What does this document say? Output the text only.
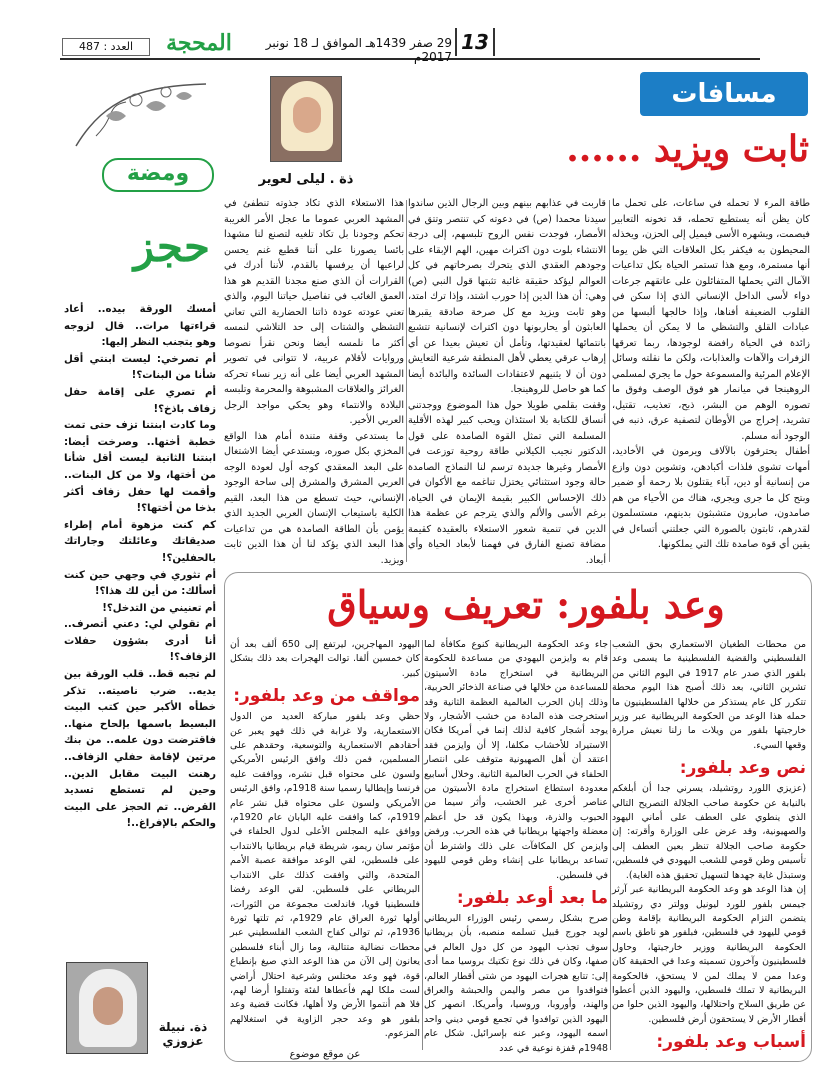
العدد : 487	المحجة	29 صفر 1439هـ الموافق لـ 18 نونبر 2017م
13
مسافات
ثابت ويزيد ......
ذة . ليلى لعوير

طاقة المرء لا تحمله في ساعات، على تحمل ما كان يظن أنه يستطيع تحمله، قد تخونه التعابير فيصمت، ويشهره الأسى فيميل إلى الحزن، ويخذله المحيطون به فيكفر بكل العلاقات التي ظن يوما أنها مستمرة، ومع هذا تستمر الحياة بكل تداعيات الآمال التي يحملها المتفائلون على عاتقهم جرعات دواء لأسى الداخل الإنساني الذي إذا سكن في القلوب الضعيفة أفناها، وإذا خالجها ألبسها من عبادات القلق والتشظي ما لا يمكن أن يحملها زائدة في الحياة رافضة لوجودها، ربما تعرقها الزفرات والآهات والعذابات، ولكن ما نقلته وسائل الإعلام المرئية والمسموعة حول ما يجري لمسلمي الروهينجا في ميانمار هو فوق الوصف وفوق ما تصوره الوهم من البشر، ذبح، تعذيب، تقتيل، تشريد، إخراج من الأوطان لتصفية عرق، ذنبه في الوجود أنه مسلم.

أطفال يحترقون بالآلاف ويرمون في الأخاديد، أمهات تشوى فلذات أكبادهن، وتشوين دون وازع من إنسانية أو دين، آباء يقتلون بلا رحمة أو ضمير وبتح كل ما جرى ويجري، هناك من الأحياء من هم صامدون، صابرون متشبثون بدينهم، مستسلمون لقدرهم، ثابتون بالصورة التي جعلتني أتساءل في يقين أي قوة صامدة تلك التي يملكونها.

قاربت في عذابهم بينهم وبين الرجال الذين ساندوا سيدنا محمدا (ص) في دعوته كي تنتصر وتتق في الأمصار، فوجدت نفس الروح تلبسهم، إلى درجة الانتشاء بلوت دون اكتراث مهين، الهم الإبقاء على وجودهم العقدي الذي يتحرك بصرخاتهم في كل العوالم ليؤكد حقيقة غائبة تثبتها قول النبي (ص) وهي: أن هذا الدين إذا حورب اشتد، وإذا ترك امتد، وهو ثابت ويزيد مع كل صرخة صادقة يقبرها العابثون أو يحاربونها دون اكتراث لإنسانية تتشبع بانتمائها لعقيدتها، وتأمل أن تعيش بعيدا عن أي إرهاب عرقي يعطي لأهل المنطقة شرعية التعايش دون أن لا يثنيهم لاعتقادات السائدة والبائدة أيضا كما هو حاصل للروهينجا.

وقفت بقلمي طويلا حول هذا الموضوع ووجدتني أنساق للكتابة بلا استئذان ويحب كبير لهذه الأقلية المسلمة التي تمثل القوة الصامدة على قول الدكتور نجيب الكيلاني طاقة روحية توزعت في الأمصار وغيرها جديدة ترسم لنا النماذج الصامدة حالة وجود استثنائي يختزل تناغمه مع الأكوان في ذلك الإحساس الكبير بقيمة الإيمان في الحياة، برغم الأسى والألم والذي يترجم عن عظمة هذا الدين في تنمية شعور الاستعلاء بالعقيدة كقيمة مضافة تصنع الفارق في فهمنا لأبعاد الحياة وأي أبعاد.

هذا الاستعلاء الذي تكاد جذوته تنطفئ في المشهد العربي عموما ما عجل الأمر الغريبة تحكم وجودنا بل تكاد تلغيه لتصنع لنا مشهدا بائسا يصورنا على أننا قطيع غنم يحسن لراعيها أن يرفسها بالقدم، لأننا أدرك في القرارات أن الذي صنع مجدنا القديم هو هذا العمق الغائب في تفاصيل حياتنا اليوم، والذي تعني عودته عودة ذاتنا الحضارية التي تعاني التشظي والشتات إلى حد التلاشي لنمسه أكثر ما نلمسه أيضا ونحن نقرأ نصوصا وروايات لأقلام عربية، لا تتوانى في تصوير المشهد العربي أيضا على أنه زير نساء تحركه الغرائز والعلاقات المشبوهة والمحرمة وتلبسه البلادة والانتماء وهو يحكي مواجد الرجل العربي الأخير.

ما يستدعي وقفة متندة أمام هذا الواقع المخزي بكل صوره، ويستدعي أيضا الاشتغال على البعد المعقدي كوجه أول لعودة الوجه العربي المشرق والمشرق إلى ساحة الوجود الإنساني، حيث تسطع من هذا البعد، القيم الكلية باستيعاب الإنسان العربي الجديد الذي يؤمن بأن الطاقة الصامدة هي من تداعيات هذا البعد الذي يؤكد لنا أن هذا الدين ثابت ويزيد.

ومضة
حجز

أمسك الورقة بيده.. أعاد قراءتها مرات.. قال لزوجه وهو يتجنب النظر إليها:

أم تصرخي: ليست ابنتي أقل شأنا من البنات؟!

أم تصري على إقامة حفل زفاف باذخ؟!

وما كادت ابنتنا تزف حتى تمت خطبة أختها.. وصرخت أيضا: ابنتنا الثانية ليست أقل شأنا من أختها، ولا من كل البنات.. وأقمت لها حفل زفاف أكثر بذخا من أختها؟!

كم كنت مزهوة أمام إطراء صديقاتك وعائلتك وجاراتك بالحفلين؟!

أم تثوري في وجهي حين كنت أسألك: من أين لك هذا؟!

أم تعنيني من التدخل؟!

أم تقولي لي: دعني أتصرف.. أنا أدرى بشؤون حفلات الزفاف؟!

لم تجبه قط.. قلب الورقة بين يديه.. ضرب ناصيته.. تذكر خطأه الأكبر حين كتب البيت البسيط باسمها بإلحاح منها.. فاقترضت دون علمه.. من بنك مرتين لإقامة حفلي الزفاف.. رهنت البيت مقابل الدين.. وحين لم تستطع تسديد القرض.. تم الحجز على البيت والحكم بالإفراغ..!

ذة. نبيلة عزوزي
وعد بلفور: تعريف وسياق

من محطات الطغيان الاستعماري بحق الشعب الفلسطيني والقضية الفلسطينية ما يسمى وعد بلفور الذي صدر عام 1917 في اليوم الثاني من تشرين الثاني، بعد ذلك أصبح هذا اليوم محطة تتكرر كل عام يستذكر من خلالها الفلسطينيون ما حمله هذا الوعد من الحكومة البريطانية عبر وزير خارجيتها بلفور من ويلات ما زلنا نعيش مرارة وقعها السيء.

نص وعد بلفور:

(عزيزي اللورد روتشيلد، يسرني جدا أن أبلغكم بالنيابة عن حكومة صاحب الجلالة التصريح التالي الذي ينطوي على العطف على أماني اليهود والصهيونية، وقد عرض على الوزارة وأقرته: إن حكومة صاحب الجلالة تنظر بعين العطف إلى تأسيس وطن قومي للشعب اليهودي في فلسطين، وستبذل غاية جهدها لتسهيل تحقيق هذه الغاية).

إن هذا الوعد هو وعد الحكومة البريطانية عبر آرثر جيمس بلفور للورد ليونيل وولتر دي روتشيلد يتضمن التزام الحكومة البريطانية بإقامة وطن قومي لليهود في فلسطين، فبلفور هو ناطق باسم الحكومة البريطانية ووزير خارجيتها، وحاول فلسطينيون وآخرون تسميته وعدا في الحقيقة كان وعدا ممن لا يملك لمن لا يستحق، فالحكومة البريطانية لا تملك فلسطين، واليهود الذين أعطوا عن طريق السلاح واحتلالها، واليهود الذين حلوا من أقطار الأرض لا يستحقون أرض فلسطين.

أسباب وعد بلفور:

جاء وعد الحكومة البريطانية كنوع مكافأة لما قام به وايزمن اليهودي من مساعدة للحكومة البريطانية في استخراج مادة الأسيتون للمساعدة من خلالها في صناعة الذخائر الحربية، وذلك إبان الحرب العالمية العظمة الثانية وقد استخرجت هذه المادة من خشب الأشجار، ولا يوجد أشجار كافية لذلك إنما في أمريكا فكان الاستيراد للأخشاب مكلفا، إلا أن وايزمن فقد اعتقد أن أهل الصهيونية متوقف على انتصار الحلفاء في الحرب العالمية الثانية. وخلال أسابيع معدودة استطاع استخراج مادة الأسيتون من عناصر أخرى غير الخشب، وأثر سيما من الحبوب والذرة، وبهذا يكون قد حل أعظم معضلة واجهتها بريطانيا في هذه الحرب. ورفض وايزمن كل المكافآت على ذلك واشترط أن تساعد بريطانيا على إنشاء وطن قومي لليهود في فلسطين.

ما بعد أوعد بلفور:

صرح بشكل رسمي رئيس الوزراء البريطاني لويد جورج قبيل تسلمه منصبه، بأن بريطانيا سوف تجذب اليهود من كل دول العالم في صفها، وكان في ذلك نوع تكتيك بروسيا مما أدى إلى: تتابع هجرات اليهود من شتى أقطار العالم، فتوافدوا من مصر واليمن والحبشة والعراق والهند، وأوروبا، وروسيا، وأمريكا. انصهر كل اليهود الذين توافدوا في تجمع قومي ديني واحد اسمه اليهود، وعبر عنه بإسرائيل. شكل عام 1948م قفزة نوعية في عدد

اليهود المهاجرين، ليرتفع إلى 650 ألف بعد أن كان خمسين ألفا. توالت الهجرات بعد ذلك بشكل كبير.

مواقف من وعد بلفور:

حظي وعد بلفور مباركة العديد من الدول الاستعمارية، ولا غرابة في ذلك فهو يعبر عن أحقادهم الاستعمارية والتوسعية، وحقدهم على المسلمين، فمن ذلك وافق الرئيس الأمريكي ولسون على محتواه قبل نشره، ووافقت عليه فرنسا وإيطاليا رسميا سنة 1918م، وافق الرئيس الأمريكي ولسون على محتواه قبل نشر عام 1919م، كما وافقت عليه اليابان عام 1920م، ووافق عليه المجلس الأعلى لدول الحلفاء في مؤتمر سان ريمو، شريطة قيام بريطانيا بالانتداب على فلسطين، لقي الوعد موافقة عصبة الأمم المتحدة، والتي وافقت كذلك على الانتداب البريطاني على فلسطين. لقي الوعد رفضا فلسطينيا قويا، فاندلعت مجموعة من الثورات، أولها ثورة العراق عام 1929م، ثم تلتها ثورة 1936م، ثم توالى كفاح الشعب الفلسطيني عبر محطات نضالية متتالية، وما زال أبناء فلسطين يعانون إلى الآن من هذا الوعد الذي صيغ بإنطباع قوة، فهو وعد مختلس وشرعية احتلال أراضي لست ملكا لهم فأعطاها لفئة وتفتلوا أرضا لهم، فلا هم أنتموا الأرض ولا أهلها، فكانت قضية وعد بلفور هو وعد حجر الزاوية في استغلالهم المزعوم.

عن موقع موضوع
